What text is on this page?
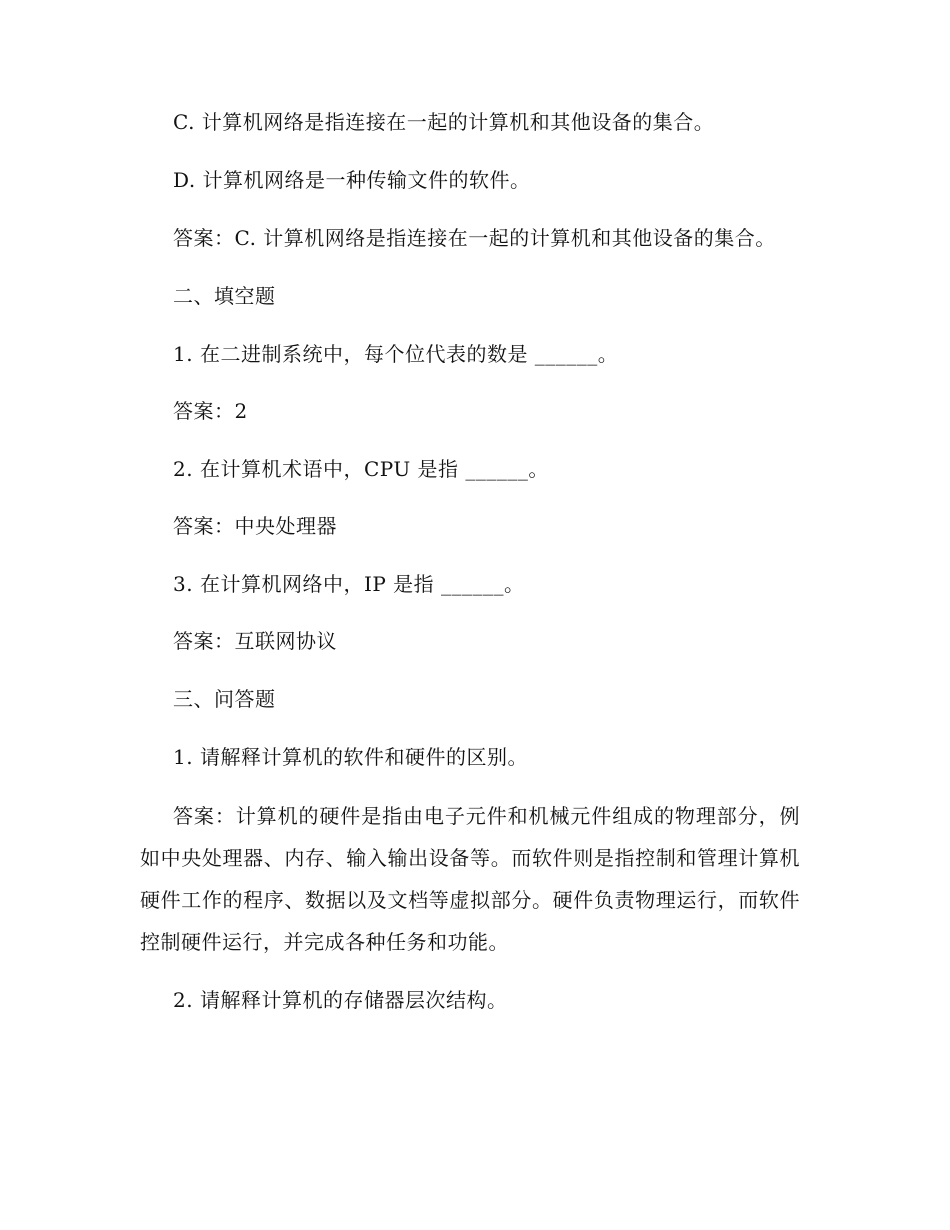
C. 计算机网络是指连接在一起的计算机和其他设备的集合。
D. 计算机网络是一种传输文件的软件。
答案：C. 计算机网络是指连接在一起的计算机和其他设备的集合。
二、填空题
1. 在二进制系统中，每个位代表的数是 ______。
答案：2
2. 在计算机术语中，CPU 是指 ______。
答案：中央处理器
3. 在计算机网络中，IP 是指 ______。
答案：互联网协议
三、问答题
1. 请解释计算机的软件和硬件的区别。
答案：计算机的硬件是指由电子元件和机械元件组成的物理部分，例如中央处理器、内存、输入输出设备等。而软件则是指控制和管理计算机硬件工作的程序、数据以及文档等虚拟部分。硬件负责物理运行，而软件控制硬件运行，并完成各种任务和功能。
2. 请解释计算机的存储器层次结构。
